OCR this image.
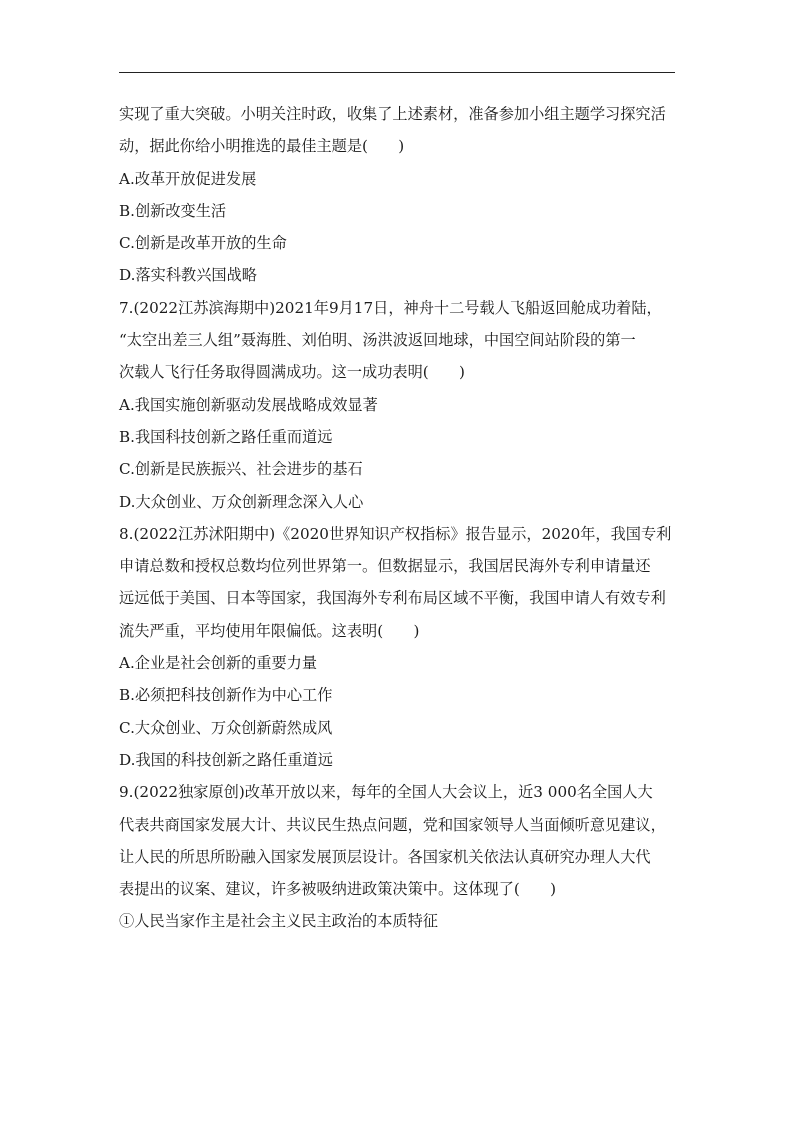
实现了重大突破。小明关注时政，收集了上述素材，准备参加小组主题学习探究活
动，据此你给小明推选的最佳主题是(　　)
A.改革开放促进发展
B.创新改变生活
C.创新是改革开放的生命
D.落实科教兴国战略
7.(2022江苏滨海期中)2021年9月17日，神舟十二号载人飞船返回舱成功着陆，
“太空出差三人组”聂海胜、刘伯明、汤洪波返回地球，中国空间站阶段的第一
次载人飞行任务取得圆满成功。这一成功表明(　　)
A.我国实施创新驱动发展战略成效显著
B.我国科技创新之路任重而道远
C.创新是民族振兴、社会进步的基石
D.大众创业、万众创新理念深入人心
8.(2022江苏沭阳期中)《2020世界知识产权指标》报告显示，2020年，我国专利
申请总数和授权总数均位列世界第一。但数据显示，我国居民海外专利申请量还
远远低于美国、日本等国家，我国海外专利布局区域不平衡，我国申请人有效专利
流失严重，平均使用年限偏低。这表明(　　)
A.企业是社会创新的重要力量
B.必须把科技创新作为中心工作
C.大众创业、万众创新蔚然成风
D.我国的科技创新之路任重道远
9.(2022独家原创)改革开放以来，每年的全国人大会议上，近3 000名全国人大
代表共商国家发展大计、共议民生热点问题，党和国家领导人当面倾听意见建议，
让人民的所思所盼融入国家发展顶层设计。各国家机关依法认真研究办理人大代
表提出的议案、建议，许多被吸纳进政策决策中。这体现了(　　)
①人民当家作主是社会主义民主政治的本质特征
